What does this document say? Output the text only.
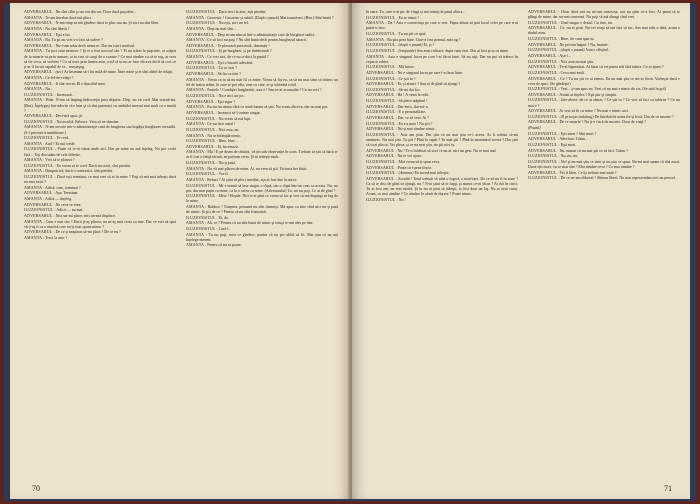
ADVERSARUL : Nu sînt sfînt şi nu vin din cer. Doar dacă puşcărie...

AMANTA : Te-am întrebat dacă mă placi.

ADVERSARUL : N-am timp să mă gîndesc dacă te plac sau nu. Şi nici nu sînt liber.

AMANTA : Nu sînt liberă ?

ADVERSARUL : Eşti a lui.

AMANTA : Ba. Tu şti nu vrei s-o faci să sufere ?

ADVERSARUL : Nu-i-am adus decît nenoroc. Dar nu ista-i motivul.

AMANTA : Tu joci zaiu nenoroc ? Şi ei a fost norocul tău ? Ei nu trăim la puşcărie, ai scăpat de la moarte cu prin urmare, ai tu vrut să cauţi de o scaune ? Ce mai rămîne cu că te rog, ai vrea să fie ceva, să vorbim ? Ca să treci prin lumea asta, cred că tu nu ar face altceva decît să ceri ce ţi-ar fi lucrat capabil de ce... meşteşug.

ADVERSARUL : (sec) Ar însemna să-i fiu milă de mine. Între mine şi ei sînt altfel de relaţii.

AMANTA : Ce-fel-de-relaţii ?

ADVERSARUL : Ii sînt recrut. El e dascălul meu.

AMANTA : Nu...

ILUZIONISTUL : Incetează...

AMANTA : Bine. N-am să împing îndiscreţia prea departe. Deşi, nu vă cred. Mai toarnă-mi. (Bea). Înţelegeţi într-adevăr că e bun şi că sînt puternici cu amîndoi mersul mai mult ca o marfă ?

ADVERSARUL : Deci-mă spui, ţii.

ILUZIONISTUL : Nu ascultă. Paluvre. Vrea să ne domine.

AMANTA : N-am nevoie intr-o administraţie casă de burgheza sau bogăţia burghezei versatilă. (S-l privește triumfătoare.)

ILUZIONISTUL : Te cred.

AMANTA : Aud ? Ei mă crede.

ILUZIONISTUL : Poate că te-ai văzut unde zici. Dar pe mine nu mă înţeleg. Nu pot vorbi fără... Toţi discutăm de cele diferite.

AMANTA : Vrei să te plasezi ?

ILUZIONISTUL : Eu vreau să te cred. Dacă nu crezi, sînt pierdut.

AMANTA : Dimpotrivă, dacă o contrazici, sînt pierdut.

ILUZIONISTUL : Dacă eşti terminat, ce mai vrei să ai în mine ? Poţi să mă mai iubeşti dacă nu mai exist ?

AMANTA : Adică, cam, terminat ?

ADVERSARUL : Aşa. Terminat.

AMANTA : Adică — înţeleg.

ADVERSARUL : Ne ceva se vrea.

ILUZIONISTUL : Adică — nu mai.

ADVERSARUL : Nici un-mi place, nici un-mă displace.

AMANTA : Cum e mai rău ? Dacă ţi-aş plăcea, nu m-aş mai certa cu tine. Dar ce vrei să spui că ţi-aş fi ca o muzică care nu-ţi mai spune nimic ?

ADVERSARUL : De ce ţi neapărat să-mi placi ? De ce nu ?

AMANTA : Treci la atac ?

ILUZIONISTUL : Dacă treci la atac, eşti pierdut.

AMANTA : Groaznic ! Groaznic şi subtil. (După o pauză) Mai toarnă-mi. (Bea.) Sînt beată ?

ILUZIONISTUL : Nu eşti, nici un fel.

AMANTA : Deşi nu mai sînt...

ADVERSARUL : Deşi m-am născut într-o administraţie care de burghezi sadici.

AMANTA : Ce să faci nu poţi ? Nu sînt bună decît pentru burghezul săracit.

ADVERSARUL : Te plasează prea mult, domnule !

ILUZIONISTUL : Şi pe burghezi, şi pe intelectuali ?

AMANTA : Ce vrei aici, de ce nu te duci la partid ?

ADVERSARUL : Eşti o bucată adevărat.

ILUZIONISTUL : Tu ce vrei ?

ADVERSARUL : Să fiu ca tine ?

AMANTA : Vreau ca tu să nu mai fii ca mine. Vreau să fiu eu, ca să nu mai simt că trăiesc un fel de teatru ieftin, în care se pot afla, cine cu cine, si-şi schimbă rolul.

AMANTA : Pantele ! Condiţiei burgheziei, asta e ! Sau te-ai acomodat ? Ce nu vrei ?

ILUZIONISTUL : Nu e nici un joc.

ADVERSARUL : Eşti sigur ?

AMANTA : Eu nu fac nimic fără ca toată lumea să ştie. Nu vreau altceva, dar nu mai pot.

ADVERSARUL : Incearcă să-l trateze singur.

ILUZIONISTUL : Nu vreau să mă lupt.

AMANTA : Ce nu face omul !

ILUZIONISTUL : Nici asta, nu.

AMANTA : Nu se întîmplă nimic.

ILUZIONISTUL : Bine, bine...

ADVERSARUL : Ei, încetează.

AMANTA : Mă ! E pe drum de cîntărit, vă țin sub observație în scris. Trebuie să știi că dacă n-ar fi fost o fetiţă tăcută, ne puteam certa. Şi tu trăieşti mult.

ILUZIONISTUL : Nu-ţi pasă.

AMANTA : Nu vă mai plăcea de mine. Ai, nu vrea să ştii. Victoria bei tînăr.

ILUZIONISTUL : Vor fi.

AMANTA : Refuzi ? Ai ştiut să pleci imediat, aşa ai fost dus la noroc.

ILUZIONISTUL : Mi-e teamă să lase singur o clipă, sau o clipă într-un ceas ca acesta. Nu, nu pot, dar mai puţin cu mine, ca la o cafea cu mine. (Advesarului) Tu, tot nu poţi. Ce ai de gînd ?

ILUZIONISTUL : Mise ! Hoţule. Nici n-ai ştiut ce vreau să fac şi vrei să mă împingi să fug de la mine.

AMANTA : Bobitoc ! Noaptea, peruanii nu sînt frumoşi. Mă apuc cu tine cînd nici nu-ţi pasă de nimic. Şi ştii de ce ? Pentru că nu sînt frumoasă.

ILUZIONISTUL : Ei, da.

AMANTA : Ah, ce ? Pentru că nu sînt bună de nimic şi totuşi te-am ales pe tine.

ILUZIONISTUL : Lasă-l.

AMANTA : Tu nu poţi, ceea ce gîndesc, pentru că nu ştii altfel să fii. Mai ştiu că nu mă înţelege nimeni.

AMANTA : Pentru că nu se poate.

70

în stare. Tu, care n-ai pic de vlagă şi mă trimiţi în patul altora...

ILUZIONISTUL : Eu te trimit ?

AMANTA : Da ! Asta e consecinţa pe care o vrei. Fapta altuia să ţină locul celei pe care n-ai putut-o face.

ILUZIONISTUL : Tu nu ştii ce spui.

AMANTA : Ba ştiu prea bine. Cine-a fost primul, mă rog ?

ILUZIONISTUL : (după o pauză) Ei, şi ?

ILUZIONISTUL : (răspunde) Am avut ridicare, după cum vezi. Dar ai fost şi tu cu mine.

AMANTA : Asta e singurul lucru pe care l-ai făcut bine. Să nu uiţi. Dar nu pot să trăiesc în veşnică orbire.

ILUZIONISTUL : Mă întorc.

ADVERSARUL : Nu e singurul lucru pe care l-a făcut bine.

ILUZIONISTUL : Ce ştii tu ?

ADVERSARUL : Ei, şi atunci ? Sau ai de gînd să ajungi ?

ILUZIONISTUL : Să-mi dai foc.

ADVERSARUL : Ha ! A venit la ochi.

ILUZIONISTUL : Să plece stăpînul !

ADVERSARUL : Dar-mi-o, dar-mi-o.

ILUZIONISTUL : E o personalitate.

ADVERSARUL : Dar, ce să vezi. Ai ?

ILUZIONISTUL : Ea e a mea ! Nu ştii ?

ADVERSARUL : Nu-ţi mai rămîne nimic.

ILUZIONISTUL : Asta am ştiut. Dar ştiu că nu mai ştiu ce-i aceea. Ar fi trebuit să-mi amintesc. Nu mai ştiu. Tu ştii ? Pînă la capăt ? Tu mai ştii ? Pînă în momentul acesta ? Dar ştiu că tu ai plecat. Vei pleca, şi ce nu mai ştiu, nu ştii nici tu.

ADVERSARUL : Nu ! Te-a înfrîntat să vezi ce nu ai, nici un gest. Nu te mai aud.

ADVERSARUL : Nu te voi ajuta.

ILUZIONISTUL : Mai vreau să-ţi spun ceva.

ADVERSARUL : Poate că e prea tîrziu.

ILUZIONISTUL : (Amanta) Ea nu mă mai iubeşte.

ADVERSARUL : Ascultă ! Totul trebuie să aibă o logică, o motivare. De ce să nu fi în stare ? Ca să te disc de gînd să ajungi, nu ? N-ai ştiut să te lupţi, şi atunci ce-ai făcut ? Ai dat în cinci. Tu ai fost om, nu erai marfă. Şi tu nu ai ştiut să iubeşti, ai fost doar un laş. Nu ai avut curaj. Acum, ce mai rămîne ? Ce rămîne în afară de durere ? Poate nimic.

ILUZIONISTUL : Nu !

ADVERSARUL : Chiar dacă noi nu ne-am cunoscut, noi nu ştim ce-a fost. Ai putut să te plîngi de mine, dar nu mai contează. Nu poţi să mă alungi cînd vrei.

ILUZIONISTUL : Unul singur e destul. Cu tine, nu.

ADVERSARUL : Ce, nu ai ştiut. Nu vei reuşi să mă faci să tac. Am mai trăit o dată, acum e rîndul meu.

ILUZIONISTUL : Bine, fie cum spui tu.

ADVERSARUL : Ne privim înapoi ? Nu, înainte.

ILUZIONISTUL : (după o pauză) Asta e sfîrşitul.

ADVERSARUL : Aşa-i...

ILUZIONISTUL : Nici asta nu mai ştiu.

ADVERSARUL : Te-ai hipnotizat. Ai lăsat că vei putea trăi fără iubire. Ce ai ajuns ?

ILUZIONISTUL : Ceva mai mult.

ADVERSARUL : Ce ? Tu nu ştii ce ai rămas. Eu nu mai ştiu ce mi-ai făcut. Vorbeşte dacă e ceva de spus. (Se gîndeşte)

ILUZIONISTUL : Vezi... ţi-am spus eu. Vezi că nu mai e nimic de zis. (Se uită în gol)

ADVERSARUL : Astăzi ai înţeles ? Eşti pur şi simplu.

ILUZIONISTUL : Iute-alerte, de ce ai rămas ? Ce ştii tu ? Ce vrei să faci cu iubirea ? Ce nu mai e ?

ADVERSARUL : Ai vrut să fii cu mine ? Nu mai e nimic aici.

ILUZIONISTUL : (îl priveşte îndelung) De întrebările astea fie-ţi frică. Dar de ce moarte ?

ADVERSARUL : De ce moarte ? Nu ţi-e frică de moarte. Doar de viaţă ?

(Pauză)

ILUZIONISTUL : Eşti mort ? Sînt mort ?

ADVERSARUL : Adevărat. Trăim...

ILUZIONISTUL : Eşti mort.

ADVERSARUL : Nu, numai că nu mai ştii ce să faci. Trăim ?

ILUZIONISTUL : Nu, nu, nu.

ILUZIONISTUL : Nu! şi nu mai ştiu ce simt şi nu ştiu ce spun. Nu-mi mai spune că sînt mort. Dacă eşti mort, eu ce mai sînt ? Mai rămîne ceva ? Ce mai rămîne ?

ADVERSARUL : Vei fi liber. Ce îţi trebuie mai mult ?

ILUZIONISTUL : De ce ne-am eliberat ? Sîntem liberi. Nu mai reprezentăm nici un pericol.

71
